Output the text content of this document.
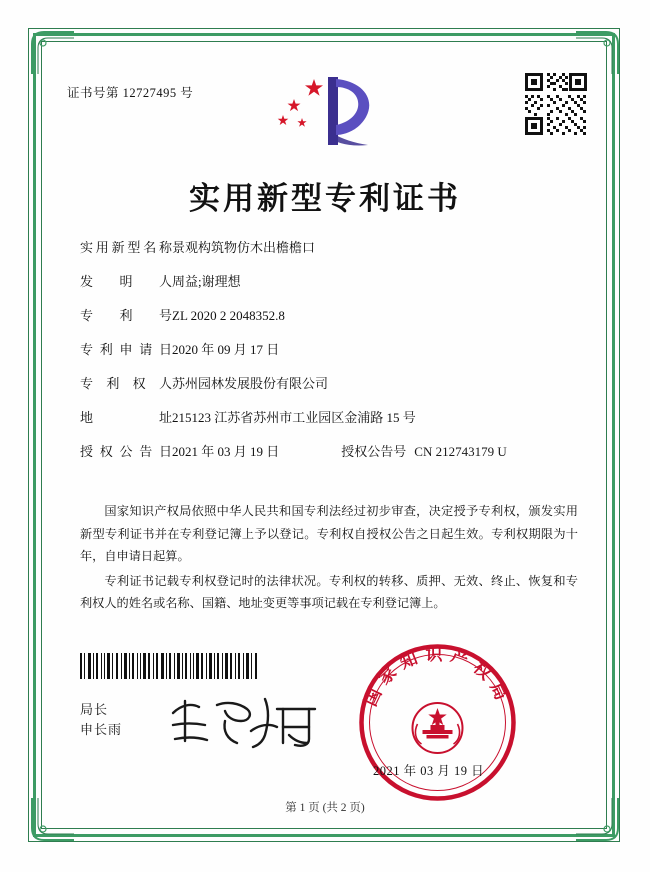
证书号第 12727495 号
实用新型专利证书
实用新型名称 景观构筑物仿木出檐檐口
发明人 周益;谢理想
专利号 ZL 2020 2 2048352.8
专利申请日 2020 年 09 月 17 日
专利权人 苏州园林发展股份有限公司
地址 215123 江苏省苏州市工业园区金浦路 15 号
授权公告日 2021 年 03 月 19 日	授权公告号 CN 212743179 U

国家知识产权局依照中华人民共和国专利法经过初步审查，决定授予专利权，颁发实用新型专利证书并在专利登记簿上予以登记。专利权自授权公告之日起生效。专利权期限为十年，自申请日起算。

专利证书记载专利权登记时的法律状况。专利权的转移、质押、无效、终止、恢复和专利权人的姓名或名称、国籍、地址变更等事项记载在专利登记簿上。

局长
申长雨
国家知识产权局
2021 年 03 月 19 日
第 1 页 (共 2 页)
